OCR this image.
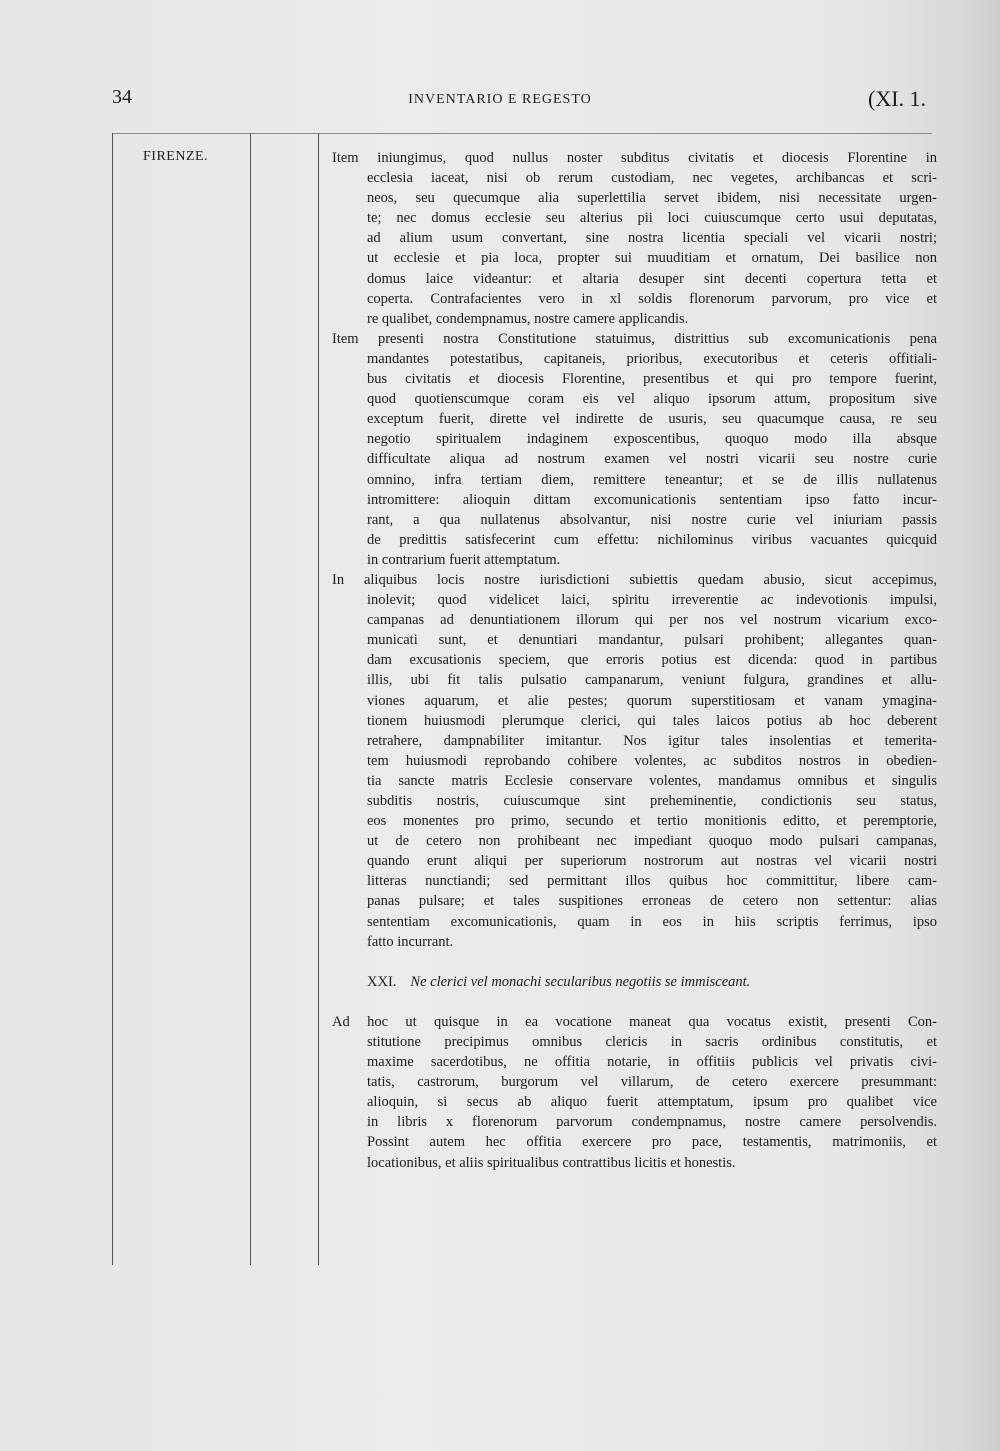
34	INVENTARIO E REGESTO	(XI. 1.
FIRENZE.	Item iniungimus, quod nullus noster subditus civitatis et diocesis Florentine in
ecclesia iaceat, nisi ob rerum custodiam, nec vegetes, archibancas et scri-
neos, seu quecumque alia superlettilia servet ibidem, nisi necessitate urgen-
te; nec domus ecclesie seu alterius pii loci cuiuscumque certo usui deputatas,
ad alium usum convertant, sine nostra licentia speciali vel vicarii nostri;
ut ecclesie et pia loca, propter sui muuditiam et ornatum, Dei basilice non
domus laice videantur: et altaria desuper sint decenti copertura tetta et
coperta. Contrafacientes vero in xl soldis florenorum parvorum, pro vice et
re qualibet, condempnamus, nostre camere applicandis.
Item presenti nostra Constitutione statuimus, distrittius sub excomunicationis pena
mandantes potestatibus, capitaneis, prioribus, executoribus et ceteris offitiali-
bus civitatis et diocesis Florentine, presentibus et qui pro tempore fuerint,
quod quotienscumque coram eis vel aliquo ipsorum attum, propositum sive
exceptum fuerit, dirette vel indirette de usuris, seu quacumque causa, re seu
negotio spiritualem indaginem exposcentibus, quoquo modo illa absque
difficultate aliqua ad nostrum examen vel nostri vicarii seu nostre curie
omnino, infra tertiam diem, remittere teneantur; et se de illis nullatenus
intromittere: alioquin dittam excomunicationis sententiam ipso fatto incur-
rant, a qua nullatenus absolvantur, nisi nostre curie vel iniuriam passis
de predittis satisfecerint cum effettu: nichilominus viribus vacuantes quicquid
in contrarium fuerit attemptatum.
In aliquibus locis nostre iurisdictioni subiettis quedam abusio, sicut accepimus,
inolevit; quod videlicet laici, spiritu irreverentie ac indevotionis impulsi,
campanas ad denuntiationem illorum qui per nos vel nostrum vicarium exco-
municati sunt, et denuntiari mandantur, pulsari prohibent; allegantes quan-
dam excusationis speciem, que erroris potius est dicenda: quod in partibus
illis, ubi fit talis pulsatio campanarum, veniunt fulgura, grandines et allu-
viones aquarum, et alie pestes; quorum superstitiosam et vanam ymagina-
tionem huiusmodi plerumque clerici, qui tales laicos potius ab hoc deberent
retrahere, dampnabiliter imitantur. Nos igitur tales insolentias et temerita-
tem huiusmodi reprobando cohibere volentes, ac subditos nostros in obedien-
tia sancte matris Ecclesie conservare volentes, mandamus omnibus et singulis
subditis nostris, cuiuscumque sint preheminentie, condictionis seu status,
eos monentes pro primo, secundo et tertio monitionis editto, et peremptorie,
ut de cetero non prohibeant nec impediant quoquo modo pulsari campanas,
quando erunt aliqui per superiorum nostrorum aut nostras vel vicarii nostri
litteras nunctiandi; sed permittant illos quibus hoc committitur, libere cam-
panas pulsare; et tales suspitiones erroneas de cetero non settentur: alias
sententiam excomunicationis, quam in eos in hiis scriptis ferrimus, ipso
fatto incurrant.
XXI. Ne clerici vel monachi secularibus negotiis se immisceant.
Ad hoc ut quisque in ea vocatione maneat qua vocatus existit, presenti Con-
stitutione precipimus omnibus clericis in sacris ordinibus constitutis, et
maxime sacerdotibus, ne offitia notarie, in offitiis publicis vel privatis civi-
tatis, castrorum, burgorum vel villarum, de cetero exercere presummant:
alioquin, si secus ab aliquo fuerit attemptatum, ipsum pro qualibet vice
in libris x florenorum parvorum condempnamus, nostre camere persolvendis.
Possint autem hec offitia exercere pro pace, testamentis, matrimoniis, et
locationibus, et aliis spiritualibus contrattibus licitis et honestis.
